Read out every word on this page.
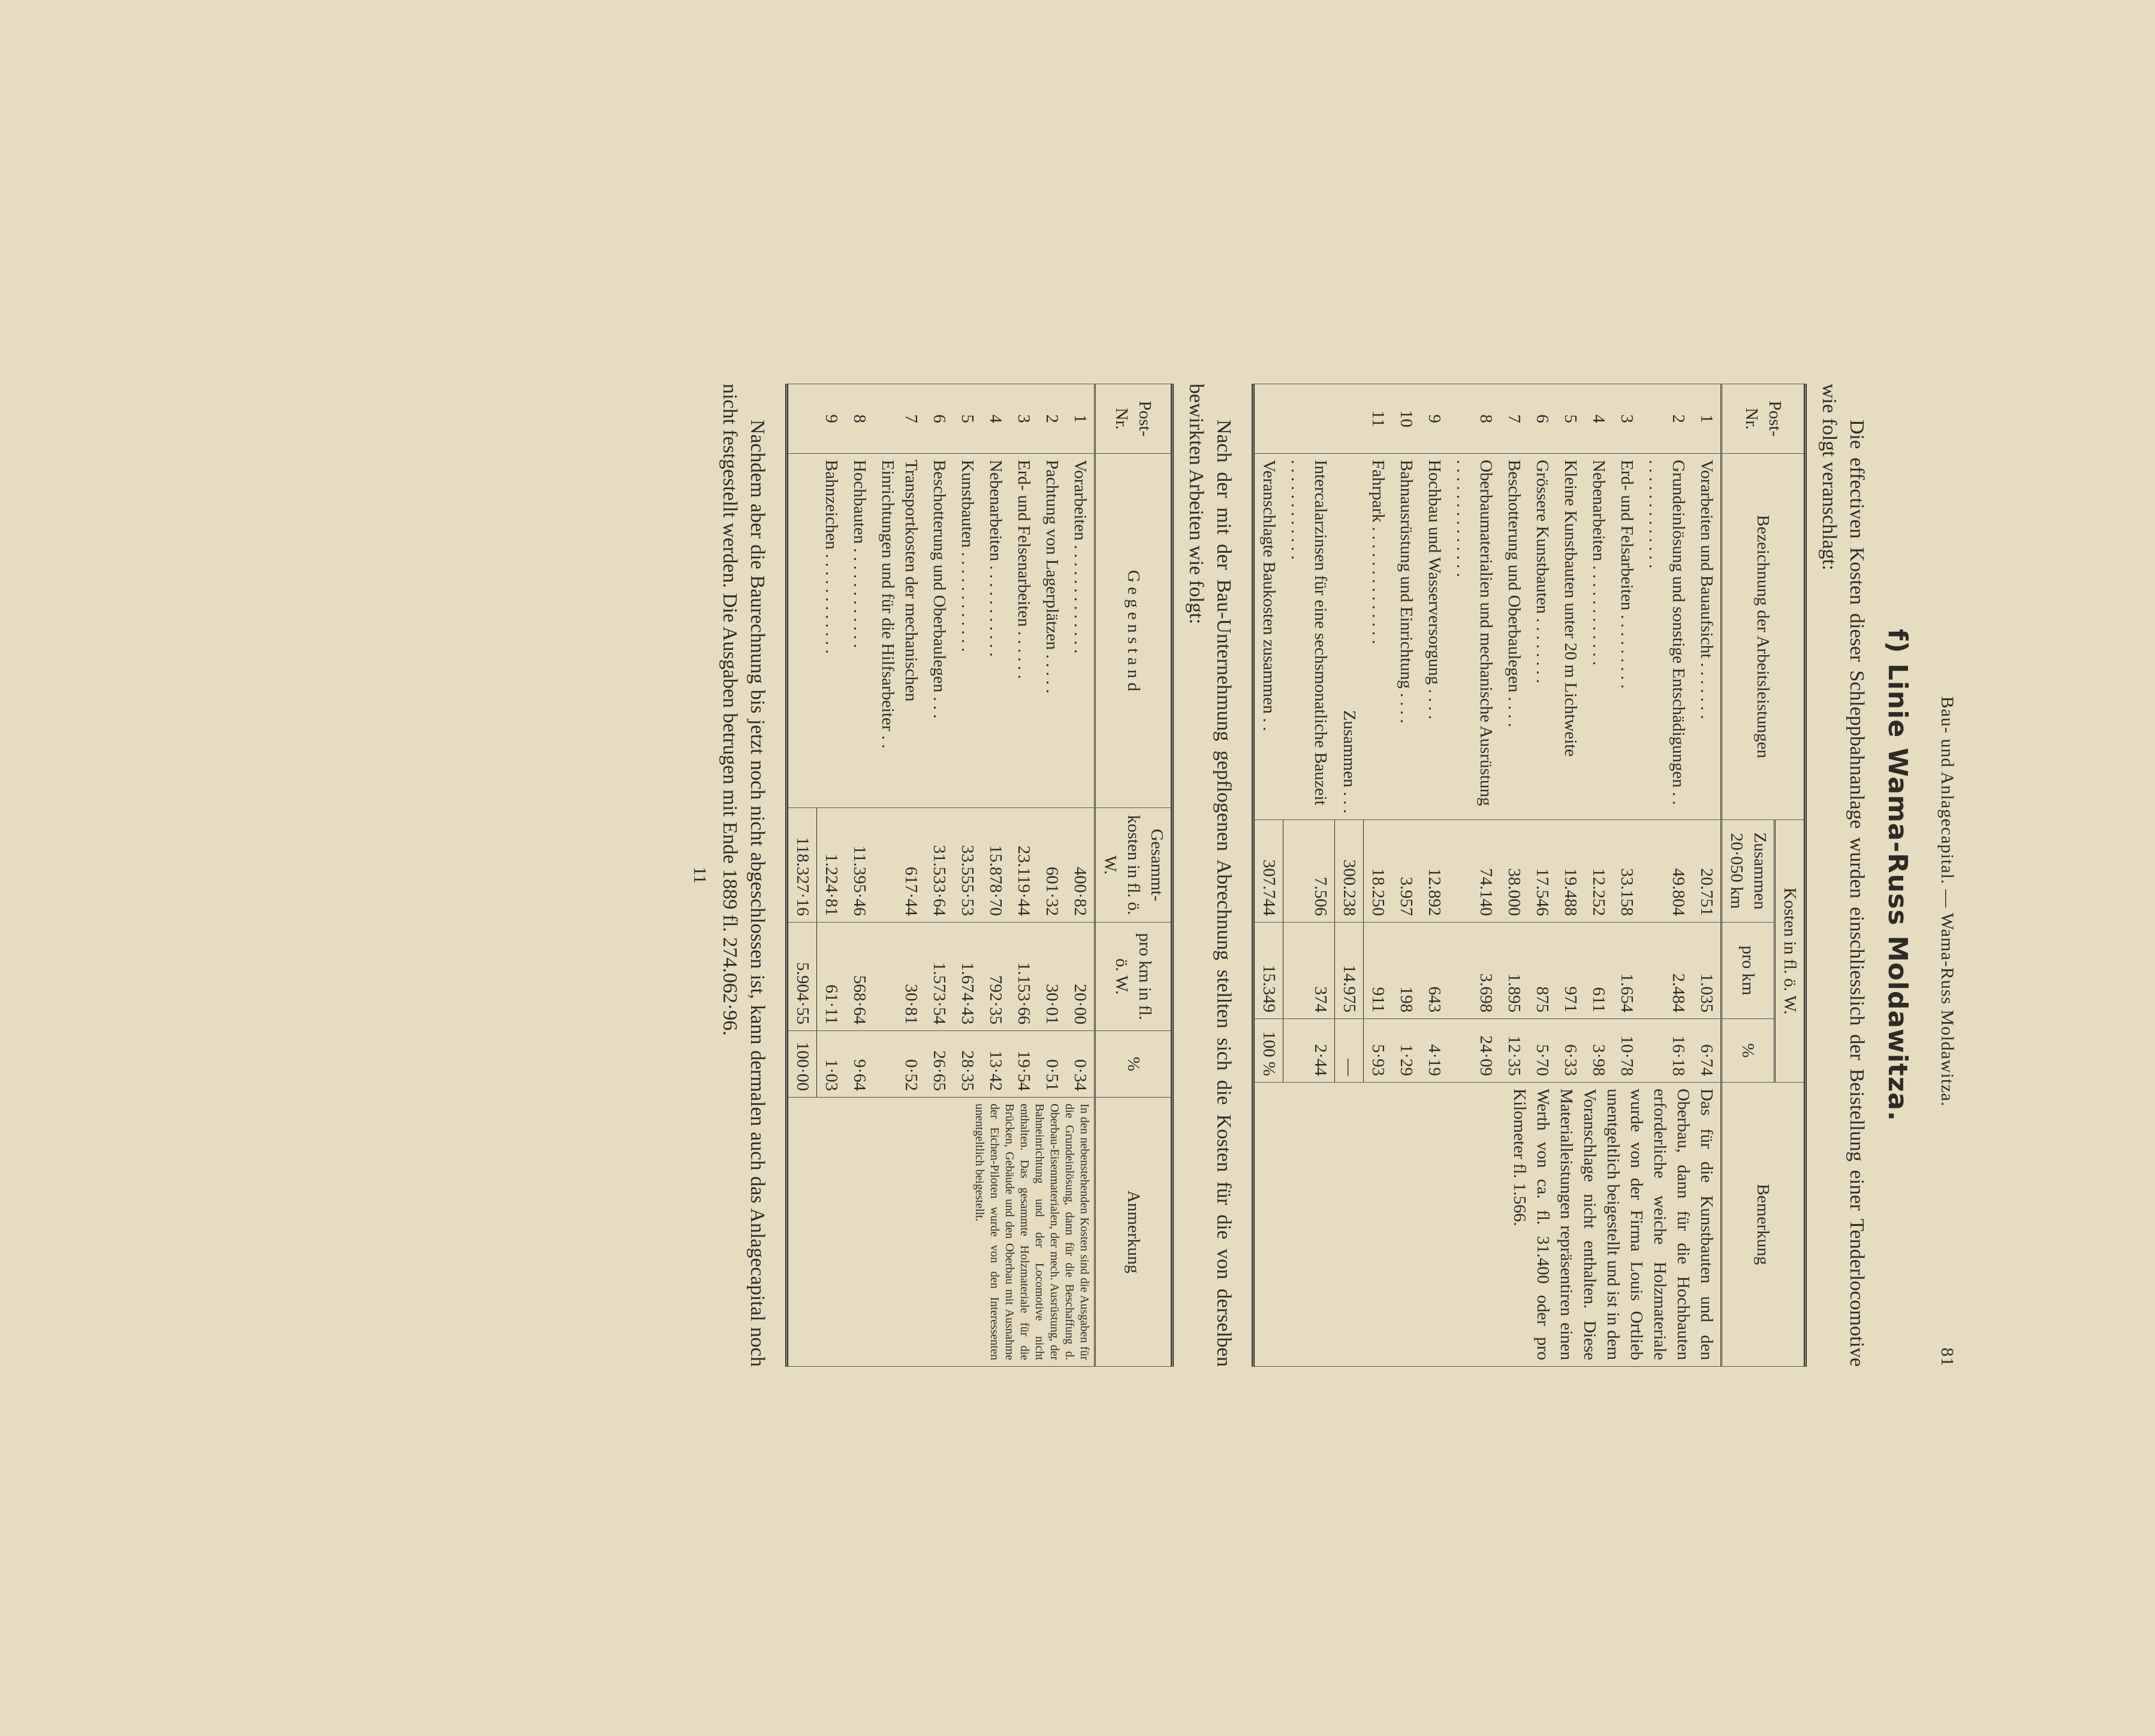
Bau- und Anlagecapital. — Wama-Russ Moldawitza.
81
f) Linie Wama-Russ Moldawitza.

Die effectiven Kosten dieser Schleppbahnanlage wurden einschliesslich der Beistellung einer Tenderlocomotive wie folgt veranschlagt:

Post-Nr.	Bezeichnung der Arbeitsleistungen	Kosten in fl. ö. W.			Bemerkung
		Zusammen 20·050 km	pro km	%	
1	Vorarbeiten und Bauaufsicht . . . . . . .	20.751	1.035	6·74	Das für die Kunstbauten und den Oberbau, dann für die Hochbauten erforderliche weiche Holzmateriale wurde von der Firma Louis Ortlieb unentgeltlich beigestellt und ist in dem Voranschlage nicht enthalten. Diese Materialleistungen repräsentiren einen Werth von ca. fl. 31.400 oder pro Kilometer fl. 1.566.
2	Grundeinlösung und sonstige Entschädigungen . . . . . . . . . . . . . . .	49.804	2.484	16·18	
3	Erd- und Felsarbeiten . . . . . . . . .	33.158	1.654	10·78	
4	Nebenarbeiten . . . . . . . . . . . .	12.252	611	3·98	
5	Kleine Kunstbauten unter 20 m Lichtweite	19.488	971	6·33	
6	Grössere Kunstbauten . . . . . . . .	17.546	875	5·70	
7	Beschotterung und Oberbaulegen . . . .	38.000	1.895	12·35	
8	Oberbaumaterialien und mechanische Ausrüstung . . . . . . . . . . . . . .	74.140	3.698	24·09	
9	Hochbau und Wasserversorgung . . . .	12.892	643	4·19	
10	Bahnausrüstung und Einrichtung . . . .	3.957	198	1·29	
11	Fahrpark . . . . . . . . . . . . . .	18.250	911	5·93	
	Zusammen . . .	300.238	14.975	—	
	Intercalarzinsen für eine sechsmonatliche Bauzeit . . . . . . . . . . . .	7.506	374	2·44	
	Veranschlagte Baukosten zusammen . .	307.744	15.349	100 %	

Nach der mit der Bau-Unternehmung gepflogenen Abrechnung stellten sich die Kosten für die von derselben bewirkten Arbeiten wie folgt:

Post-Nr.	G e g e n s t a n d	Gesammt-kosten in fl. ö. W.	pro km in fl. ö. W.	%	Anmerkung
1	Vorarbeiten . . . . . . . . . . . . .	400·82	20·00	0·34	In den nebenstehenden Kosten sind die Ausgaben für die Grundeinlösung, dann für die Beschaffung d. Oberbau-Eisenmaterialen, der mech. Ausrüstung, der Bahneinrichtung und der Locomotive nicht enthalten. Das gesammte Holzmateriale für die Brücken, Gebäude und den Oberbau mit Ausnahme der Eichen-Piloten wurde von den Interessenten unentgeltlich beigestellt.
2	Pachtung von Lagerplätzen . . . . .	601·32	30·01	0·51	
3	Erd- und Felsenarbeiten . . . . . .	23.119·44	1.153·66	19·54	
4	Nebenarbeiten . . . . . . . . . . .	15.878·70	792·35	13·42	
5	Kunstbauten . . . . . . . . . . . .	33.555·53	1.674·43	28·35	
6	Beschotterung und Oberbaulegen . . .	31.533·64	1.573·54	26·65	
7	Transportkosten der mechanischen Einrichtungen und für die Hilfsarbeiter . .	617·44	30·81	0·52	
8	Hochbauten . . . . . . . . . . . .	11.395·46	568·64	9·64	
9	Bahnzeichen . . . . . . . . . . . .	1.224·81	61·11	1·03	
		118.327·16	5.904·55	100·00	

Nachdem aber die Baurechnung bis jetzt noch nicht abgeschlossen ist, kann dermalen auch das Anlagecapital noch nicht festgestellt werden. Die Ausgaben betrugen mit Ende 1889 fl. 274.062·96.

11
